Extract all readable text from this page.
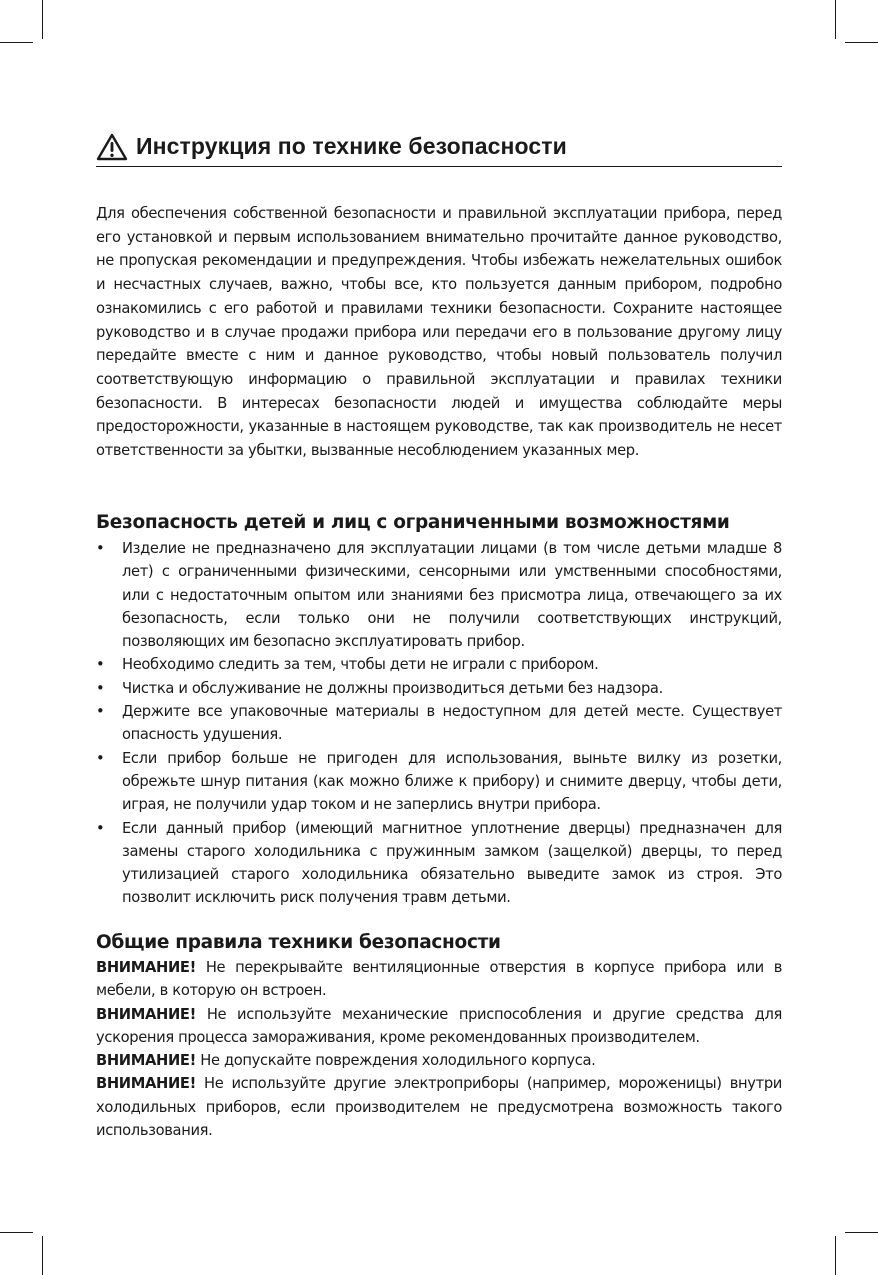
Инструкция по технике безопасности

Для обеспечения собственной безопасности и правильной эксплуатации прибора, перед его установкой и первым использованием внимательно прочитайте данное руководство, не пропуская рекомендации и предупреждения. Чтобы избежать нежелательных ошибок и несчастных случаев, важно, чтобы все, кто пользуется данным прибором, подробно ознакомились с его работой и правилами техники безопасности. Сохраните настоящее руководство и в случае продажи прибора или передачи его в пользование другому лицу передайте вместе с ним и данное руководство, чтобы новый пользователь получил соответствующую информацию о правильной эксплуатации и правилах техники безопасности. В интересах безопасности людей и имущества соблюдайте меры предосторожности, указанные в настоящем руководстве, так как производитель не несет ответственности за убытки, вызванные несоблюдением указанных мер.

Безопасность детей и лиц с ограниченными возможностями

• Изделие не предназначено для эксплуатации лицами (в том числе детьми младше 8 лет) с ограниченными физическими, сенсорными или умственными способностями, или с недостаточным опытом или знаниями без присмотра лица, отвечающего за их безопасность, если только они не получили соответствующих инструкций, позволяющих им безопасно эксплуатировать прибор.
• Необходимо следить за тем, чтобы дети не играли с прибором.
• Чистка и обслуживание не должны производиться детьми без надзора.
• Держите все упаковочные материалы в недоступном для детей месте. Существует опасность удушения.
• Если прибор больше не пригоден для использования, выньте вилку из розетки, обрежьте шнур питания (как можно ближе к прибору) и снимите дверцу, чтобы дети, играя, не получили удар током и не заперлись внутри прибора.
• Если данный прибор (имеющий магнитное уплотнение дверцы) предназначен для замены старого холодильника с пружинным замком (защелкой) дверцы, то перед утилизацией старого холодильника обязательно выведите замок из строя. Это позволит исключить риск получения травм детьми.

Общие правила техники безопасности

ВНИМАНИЕ! Не перекрывайте вентиляционные отверстия в корпусе прибора или в мебели, в которую он встроен.

ВНИМАНИЕ! Не используйте механические приспособления и другие средства для ускорения процесса замораживания, кроме рекомендованных производителем.

ВНИМАНИЕ! Не допускайте повреждения холодильного корпуса.

ВНИМАНИЕ! Не используйте другие электроприборы (например, мороженицы) внутри холодильных приборов, если производителем не предусмотрена возможность такого использования.
